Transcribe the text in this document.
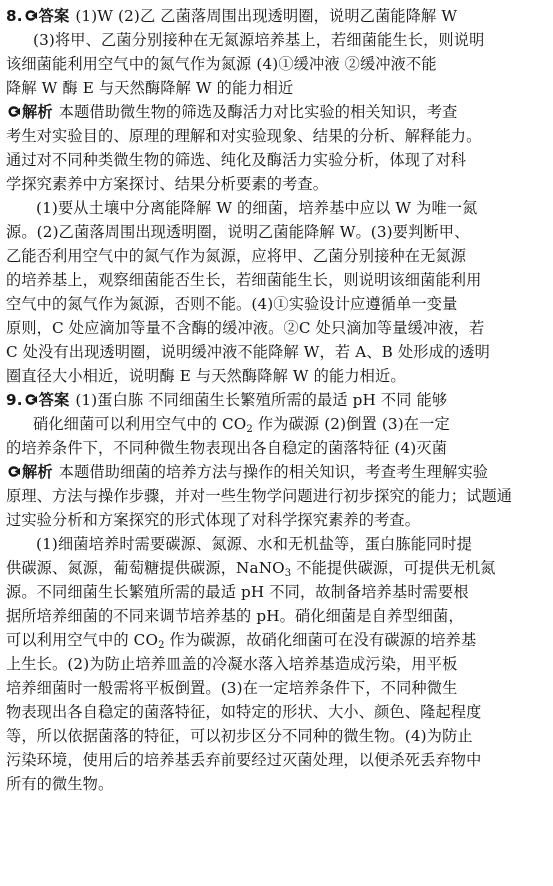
8. 答案 (1)W (2)乙 乙菌落周围出现透明圈，说明乙菌能降解 W
(3)将甲、乙菌分别接种在无氮源培养基上，若细菌能生长，则说明
该细菌能利用空气中的氮气作为氮源 (4)①缓冲液 ②缓冲液不能
降解 W 酶 E 与天然酶降解 W 的能力相近
解析 本题借助微生物的筛选及酶活力对比实验的相关知识，考查
考生对实验目的、原理的理解和对实验现象、结果的分析、解释能力。
通过对不同种类微生物的筛选、纯化及酶活力实验分析，体现了对科
学探究素养中方案探讨、结果分析要素的考查。
(1)要从土壤中分离能降解 W 的细菌，培养基中应以 W 为唯一氮
源。(2)乙菌落周围出现透明圈，说明乙菌能降解 W。(3)要判断甲、
乙能否利用空气中的氮气作为氮源，应将甲、乙菌分别接种在无氮源
的培养基上，观察细菌能否生长，若细菌能生长，则说明该细菌能利用
空气中的氮气作为氮源，否则不能。(4)①实验设计应遵循单一变量
原则，C 处应滴加等量不含酶的缓冲液。②C 处只滴加等量缓冲液，若
C 处没有出现透明圈，说明缓冲液不能降解 W，若 A、B 处形成的透明
圈直径大小相近，说明酶 E 与天然酶降解 W 的能力相近。
9. 答案 (1)蛋白胨 不同细菌生长繁殖所需的最适 pH 不同 能够
硝化细菌可以利用空气中的 $CO_2$ 作为碳源 (2)倒置 (3)在一定
的培养条件下，不同种微生物表现出各自稳定的菌落特征 (4)灭菌
解析 本题借助细菌的培养方法与操作的相关知识，考查考生理解实验
原理、方法与操作步骤，并对一些生物学问题进行初步探究的能力；试题通
过实验分析和方案探究的形式体现了对科学探究素养的考查。
(1)细菌培养时需要碳源、氮源、水和无机盐等，蛋白胨能同时提
供碳源、氮源，葡萄糖提供碳源，NaNO$_3$ 不能提供碳源，可提供无机氮
源。不同细菌生长繁殖所需的最适 pH 不同，故制备培养基时需要根
据所培养细菌的不同来调节培养基的 pH。硝化细菌是自养型细菌，
可以利用空气中的 $CO_2$ 作为碳源，故硝化细菌可在没有碳源的培养基
上生长。(2)为防止培养皿盖的冷凝水落入培养基造成污染，用平板
培养细菌时一般需将平板倒置。(3)在一定培养条件下，不同种微生
物表现出各自稳定的菌落特征，如特定的形状、大小、颜色、隆起程度
等，所以依据菌落的特征，可以初步区分不同种的微生物。(4)为防止
污染环境，使用后的培养基丢弃前要经过灭菌处理，以便杀死丢弃物中
所有的微生物。
